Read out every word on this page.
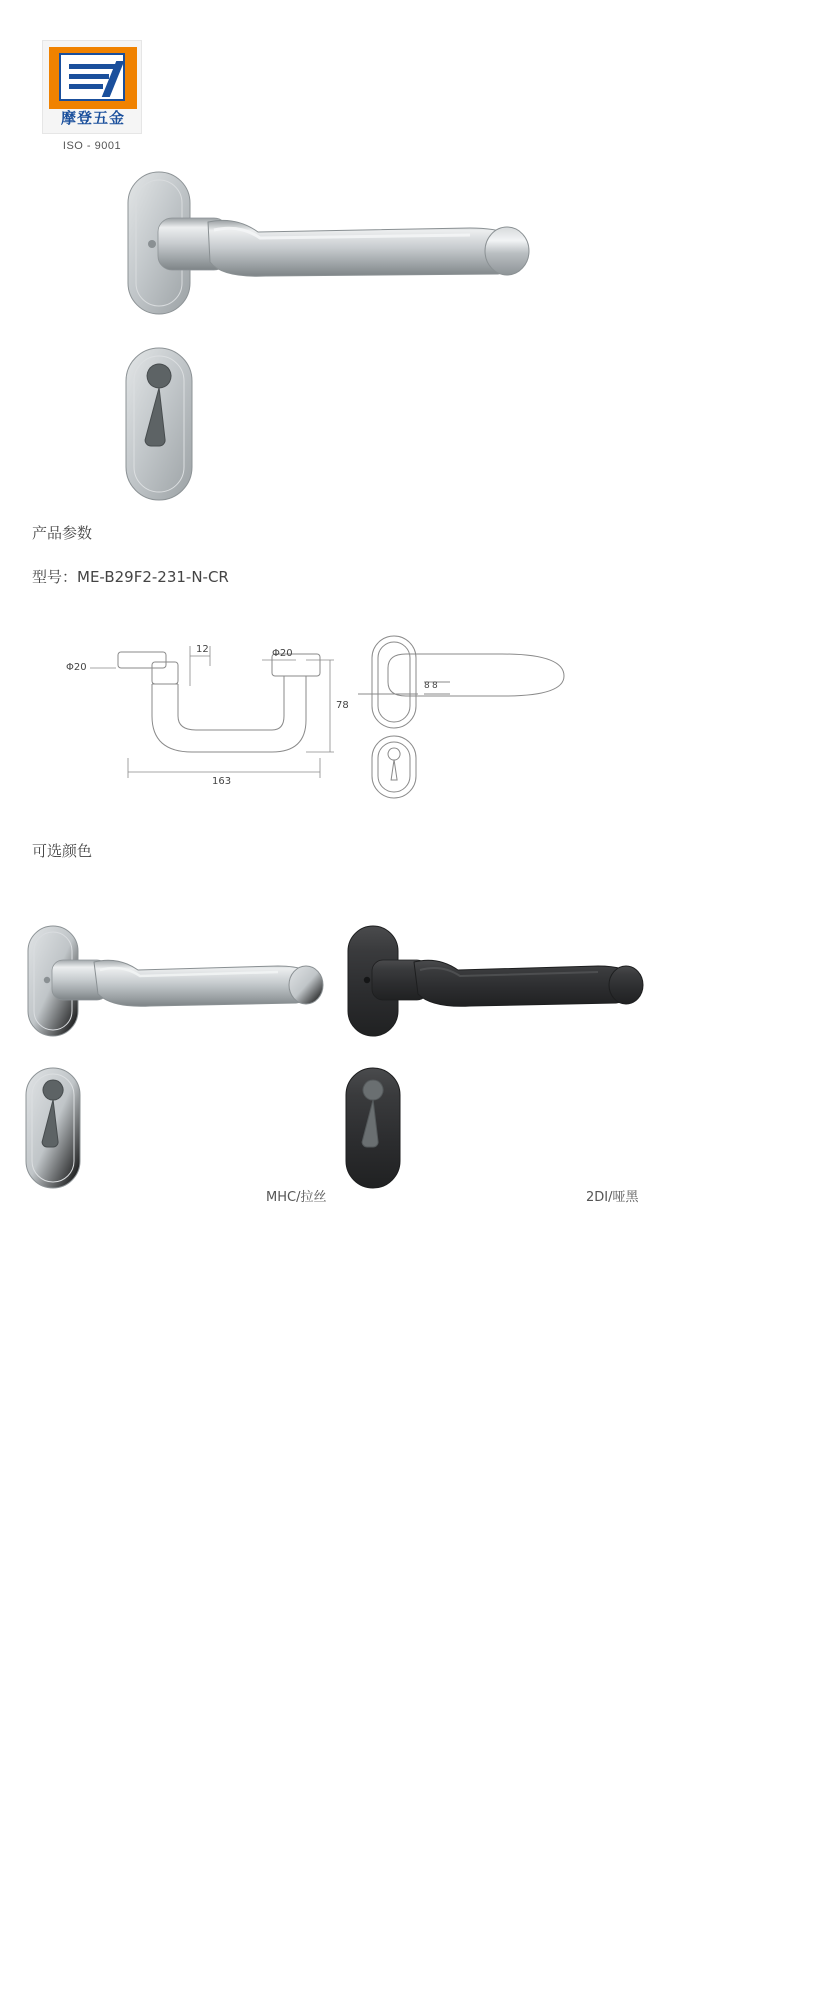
摩登五金
ISO - 9001
产品参数
型号：ME-B29F2-231-N-CR
12
Φ20
Φ20
78
163
8 8
可选颜色
MHC/拉丝	2DI/哑黑
